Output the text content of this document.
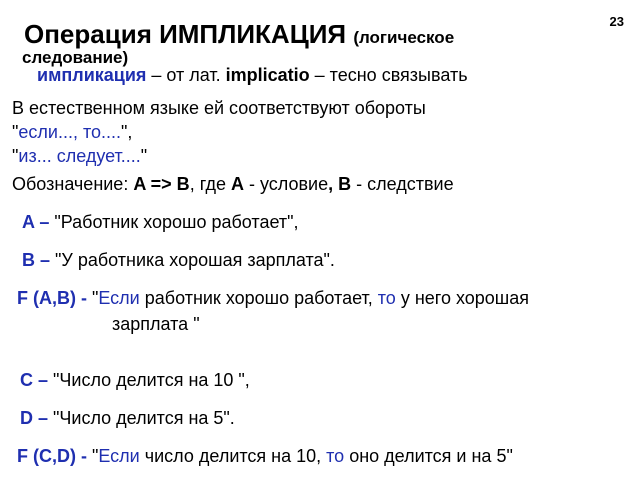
23
Операция ИМПЛИКАЦИЯ (логическое
следование)
импликация – от лат. implicatio – тесно связывать
В естественном языке ей соответствуют обороты
"если..., то....",
"из... следует...."
Обозначение: A => B, где A - условие, B - следствие
A – "Работник хорошо работает",
B – "У работника хорошая зарплата".
F (A,B) - "Если работник хорошо работает, то у него хорошая
зарплата "
C – "Число делится на 10 ",
D – "Число делится на 5".
F (C,D) - "Если число делится на 10, то оно делится и на 5"
